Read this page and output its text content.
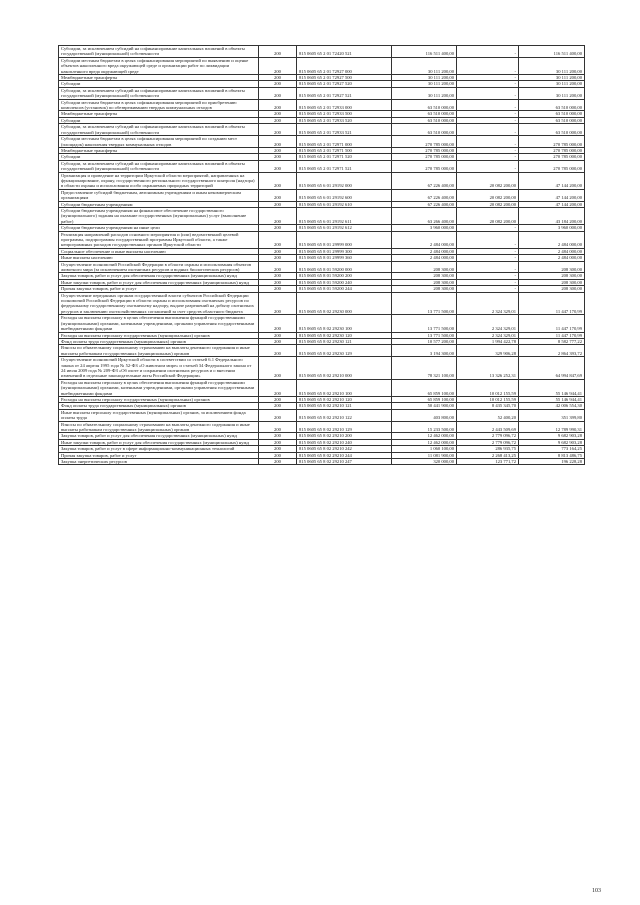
Субсидии, за исключением субсидий на софинансирование капитальных вложений в объекты государственной (муниципальной) собственности	200	815 0605 65 2 01 72420 521	116 511 400,00	-	116 511 400,00
Субсидии местным бюджетам в целях софинансирования мероприятий по выявлению и оценке объектов накопленного вреда окружающей среде и организации работ по ликвидации накопленного вреда окружающей среде	200	815 0605 65 2 01 72927 000	30 111 200,00	-	30 111 200,00
Межбюджетные трансферты	200	815 0605 65 2 01 72927 500	30 111 200,00	-	30 111 200,00
Субсидии	200	815 0605 65 2 01 72927 520	30 111 200,00	-	30 111 200,00
Субсидии, за исключением субсидий на софинансирование капитальных вложений в объекты государственной (муниципальной) собственности	200	815 0605 65 2 01 72927 521	30 111 200,00	-	30 111 200,00
Субсидии местным бюджетам в целях софинансирования мероприятий по приобретению комплексов (установок) по обезвреживанию твердых коммунальных отходов	200	815 0605 65 2 01 72933 000	63 510 000,00	-	63 510 000,00
Межбюджетные трансферты	200	815 0605 65 2 01 72933 500	63 510 000,00	-	63 510 000,00
Субсидии	200	815 0605 65 2 01 72933 520	63 510 000,00	-	63 510 000,00
Субсидии, за исключением субсидий на софинансирование капитальных вложений в объекты государственной (муниципальной) собственности	200	815 0605 65 2 01 72933 521	63 510 000,00	-	63 510 000,00
Субсидии местным бюджетам в целях софинансирования мероприятий по созданию мест (площадок) накопления твердых коммунальных отходов	200	815 0605 65 2 01 72971 000	270 785 000,00	-	270 785 000,00
Межбюджетные трансферты	200	815 0605 65 2 01 72971 500	270 785 000,00	-	270 785 000,00
Субсидии	200	815 0605 65 2 01 72971 520	270 785 000,00	-	270 785 000,00
Субсидии, за исключением субсидий на софинансирование капитальных вложений в объекты государственной (муниципальной) собственности	200	815 0605 65 2 01 72971 521	270 785 000,00	-	270 785 000,00
Организация и проведение на территории Иркутской области мероприятий, направленных на функционирование, охрану, государственного регионального государственного контроля (надзора) в области охраны и использования особо охраняемых природных территорий	200	815 0605 65 6 01 29192 000	67 226 400,00	20 082 200,00	47 144 200,00
Предоставление субсидий бюджетным, автономным учреждениям и иным некоммерческим организациям	200	815 0605 65 6 01 29192 600	67 226 400,00	20 082 200,00	47 144 200,00
Субсидии бюджетным учреждениям	200	815 0605 65 6 01 29192 610	67 226 400,00	20 082 200,00	47 144 200,00
Субсидии бюджетным учреждениям на финансовое обеспечение государственного (муниципального) задания на оказание государственных (муниципальных) услуг (выполнение работ)	200	815 0605 65 6 01 29192 611	63 266 400,00	20 082 200,00	43 184 200,00
Субсидии бюджетным учреждениям на иные цели	200	815 0605 65 6 01 29192 612	3 960 000,00	-	3 960 000,00
Реализация направлений расходов основного мероприятия и (или) ведомственной целевой программы, подпрограммы государственной программы Иркутской области, а также непрограммных расходов государственных органов Иркутской области	200	815 0605 65 8 01 29999 000	2 484 000,00	-	2 484 000,00
Социальное обеспечение и иные выплаты населению	200	815 0605 65 8 01 29999 300	2 484 000,00	-	2 484 000,00
Иные выплаты населению	200	815 0605 65 8 01 29999 360	2 484 000,00	-	2 484 000,00
Осуществление полномочий Российской Федерации в области охраны и использования объектов животного мира (за исключением охотничьих ресурсов и водных биологических ресурсов)	200	815 0605 65 8 01 59200 000	208 300,00	-	208 300,00
Закупка товаров, работ и услуг для обеспечения государственных (муниципальных) нужд	200	815 0605 65 8 01 59200 200	208 300,00	-	208 300,00
Иные закупки товаров, работ и услуг для обеспечения государственных (муниципальных) нужд	200	815 0605 65 8 01 59200 240	208 300,00	-	208 300,00
Прочая закупка товаров, работ и услуг	200	815 0605 65 8 01 59200 244	208 300,00	-	208 300,00
Осуществление переданных органам государственной власти субъектов Российской Федерации полномочий Российской Федерации в области охраны и использования охотничьих ресурсов по федеральному государственному охотничьему надзору, выдаче разрешений на добычу охотничьих ресурсов и заключению охотхозяйственных соглашений за счет средств областного бюджета	200	815 0605 65 8 02 29230 000	13 771 500,00	2 324 329,01	11 447 170,99
Расходы на выплаты персоналу в целях обеспечения выполнения функций государственными (муниципальными) органами, казенными учреждениями, органами управления государственными внебюджетными фондами	200	815 0605 65 8 02 29230 100	13 771 500,00	2 324 329,01	11 447 170,99
Расходы на выплаты персоналу государственных (муниципальных) органов	200	815 0605 65 8 02 29230 120	13 771 500,00	2 324 329,01	11 447 170,99
Фонд оплаты труда государственных (муниципальных) органов	200	815 0605 65 8 02 29230 121	10 577 200,00	1 994 422,78	8 582 777,22
Взносы по обязательному социальному страхованию на выплаты денежного содержания и иные выплаты работникам государственных (муниципальных) органов	200	815 0605 65 8 02 29230 129	3 194 300,00	329 906,28	2 864 393,72
Осуществление полномочий Иркутской области в соответствии со статьей 6.1 Федерального закона от 24 апреля 1995 года № 52-ФЗ «О животном мире» и статьей 34 Федерального закона от 24 июля 2009 года № 209-ФЗ «Об охоте и сохранении охотничьих ресурсов и о внесении изменений в отдельные законодательные акты Российской Федерации»	200	815 0605 65 8 02 29210 000	78 321 100,00	13 326 252,31	64 994 847,69
Расходы на выплаты персоналу в целях обеспечения выполнения функций государственными (муниципальными) органами, казенными учреждениями, органами управления государственными внебюджетными фондами	200	815 0605 65 8 02 29210 100	65 859 100,00	10 012 155,59	55 146 944,41
Расходы на выплаты персоналу государственных (муниципальных) органов	200	815 0605 65 8 02 29210 120	65 859 100,00	10 012 155,59	55 146 944,41
Фонд оплаты труда государственных (муниципальных) органов	200	815 0605 65 8 02 29210 121	50 441 900,00	8 435 345,70	42 006 554,30
Иные выплаты персоналу государственных (муниципальных) органов, за исключением фонда оплаты труда	200	815 0605 65 8 02 29210 122	403 800,00	52 400,20	351 399,80
Взносы по обязательному социальному страхованию на выплаты денежного содержания и иные выплаты работникам государственных (муниципальных) органов	200	815 0605 65 8 02 29210 129	15 233 500,00	2 443 509,69	12 789 990,31
Закупка товаров, работ и услуг для обеспечения государственных (муниципальных) нужд	200	815 0605 65 8 02 29210 200	12 462 000,00	2 779 096,72	9 682 903,28
Иные закупки товаров, работ и услуг для обеспечения государственных (муниципальных) нужд	200	815 0605 65 8 02 29210 240	12 462 000,00	2 779 096,72	9 682 903,28
Закупка товаров, работ и услуг в сфере информационно-коммуникационных технологий	200	815 0605 65 8 02 29210 242	1 060 100,00	286 935,75	773 164,25
Прочая закупка товаров, работ и услуг	200	815 0605 65 8 02 29210 244	11 081 900,00	2 268 413,25	8 813 486,75
Закупка энергетических ресурсов	200	815 0605 65 8 02 29210 247	320 000,00	123 771,72	196 228,28
103
